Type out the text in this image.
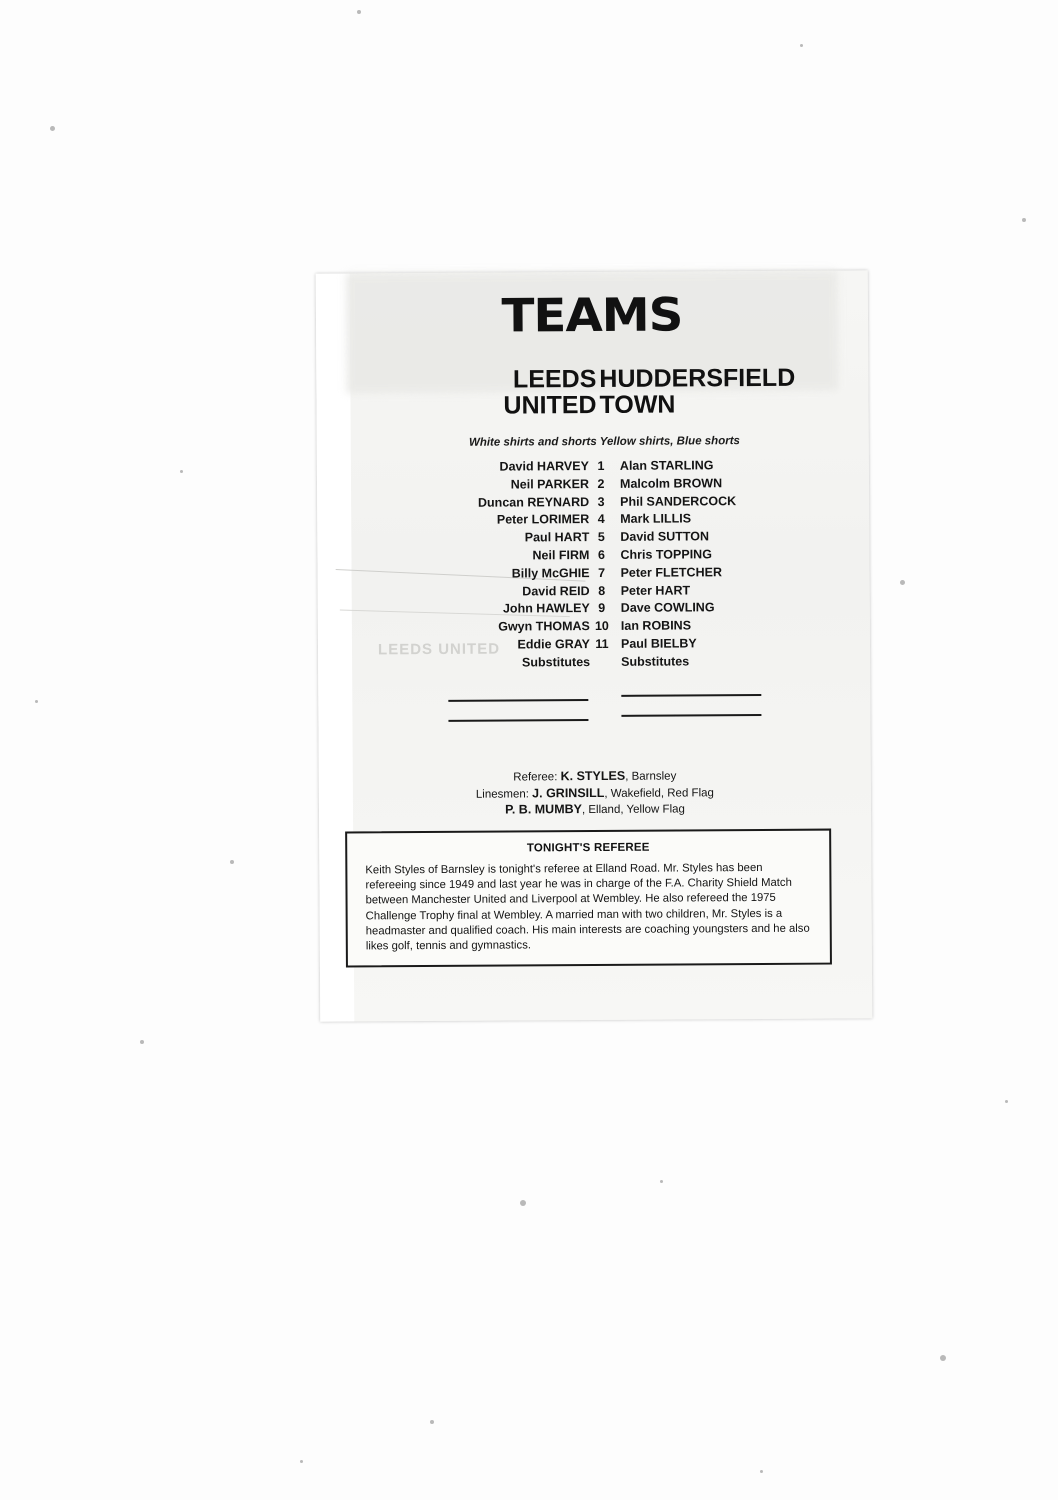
LEEDS UNITED
TEAMS
LEEDS
UNITED
HUDDERSFIELD
TOWN
White shirts and shorts Yellow shirts, Blue shorts
David HARVEY 1	Alan STARLING
Neil PARKER 2	Malcolm BROWN
Duncan REYNARD 3	Phil SANDERCOCK
Peter LORIMER 4	Mark LILLIS
Paul HART 5	David SUTTON
Neil FIRM 6	Chris TOPPING
Billy McGHIE 7	Peter FLETCHER
David REID 8	Peter HART
John HAWLEY 9	Dave COWLING
Gwyn THOMAS 10 Ian ROBINS
Eddie GRAY 11 Paul BIELBY
Substitutes Substitutes
Referee: K. STYLES, Barnsley
Linesmen: J. GRINSILL, Wakefield, Red Flag
P. B. MUMBY, Elland, Yellow Flag
TONIGHT'S REFEREE
Keith Styles of Barnsley is tonight's referee at Elland Road. Mr. Styles has been refereeing since 1949 and last year he was in charge of the F.A. Charity Shield Match between Manchester United and Liverpool at Wembley. He also refereed the 1975 Challenge Trophy final at Wembley. A married man with two children, Mr. Styles is a headmaster and qualified coach. His main interests are coaching youngsters and he also likes golf, tennis and gymnastics.
